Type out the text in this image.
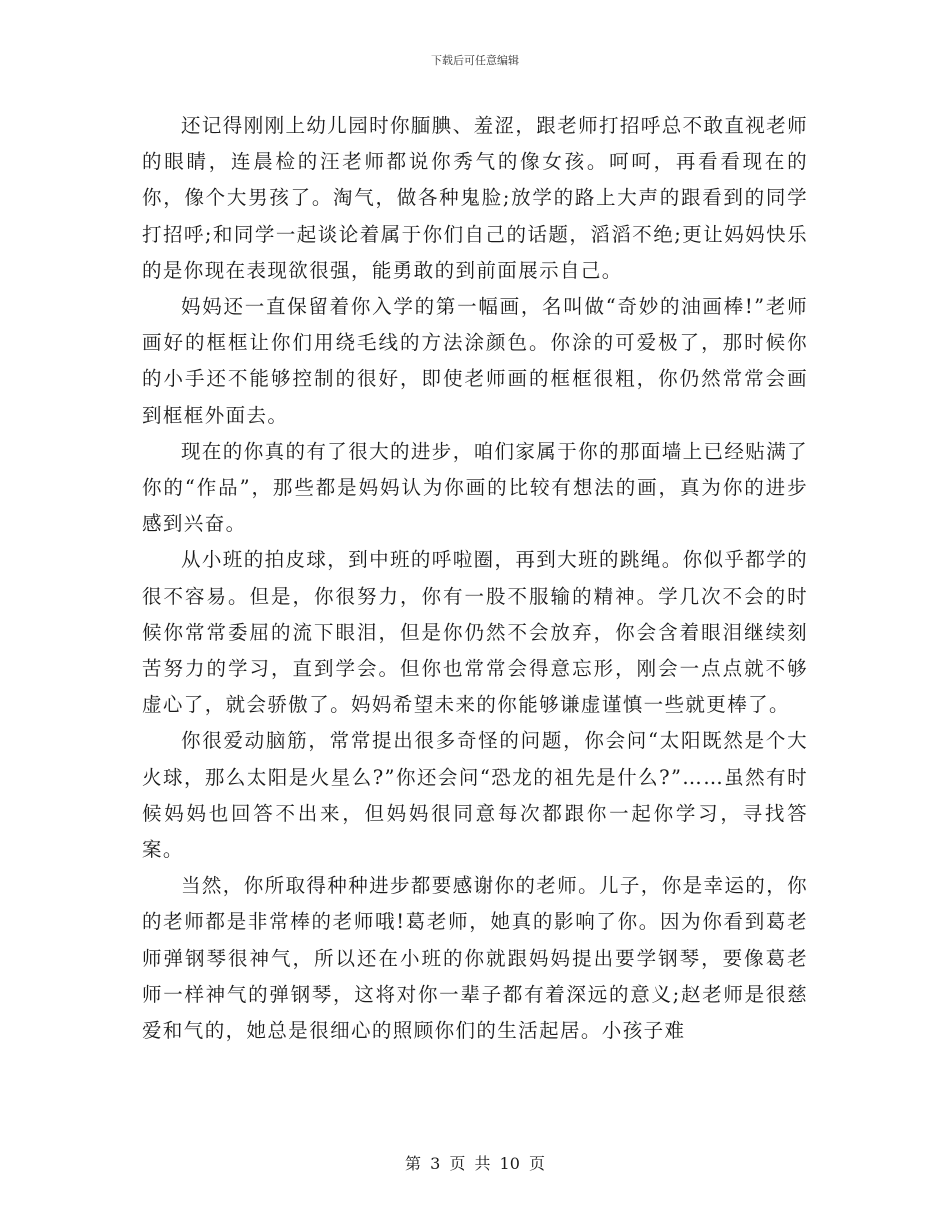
下载后可任意编辑

还记得刚刚上幼儿园时你腼腆、羞涩，跟老师打招呼总不敢直视老师的眼睛，连晨检的汪老师都说你秀气的像女孩。呵呵，再看看现在的你，像个大男孩了。淘气，做各种鬼脸;放学的路上大声的跟看到的同学打招呼;和同学一起谈论着属于你们自己的话题，滔滔不绝;更让妈妈快乐的是你现在表现欲很强，能勇敢的到前面展示自己。

妈妈还一直保留着你入学的第一幅画，名叫做“奇妙的油画棒!”老师画好的框框让你们用绕毛线的方法涂颜色。你涂的可爱极了，那时候你的小手还不能够控制的很好，即使老师画的框框很粗，你仍然常常会画到框框外面去。

现在的你真的有了很大的进步，咱们家属于你的那面墙上已经贴满了你的“作品”，那些都是妈妈认为你画的比较有想法的画，真为你的进步感到兴奋。

从小班的拍皮球，到中班的呼啦圈，再到大班的跳绳。你似乎都学的很不容易。但是，你很努力，你有一股不服输的精神。学几次不会的时候你常常委屈的流下眼泪，但是你仍然不会放弃，你会含着眼泪继续刻苦努力的学习，直到学会。但你也常常会得意忘形，刚会一点点就不够虚心了，就会骄傲了。妈妈希望未来的你能够谦虚谨慎一些就更棒了。

你很爱动脑筋，常常提出很多奇怪的问题，你会问“太阳既然是个大火球，那么太阳是火星么?”你还会问“恐龙的祖先是什么?”……虽然有时候妈妈也回答不出来，但妈妈很同意每次都跟你一起你学习，寻找答案。

当然，你所取得种种进步都要感谢你的老师。儿子，你是幸运的，你的老师都是非常棒的老师哦!葛老师，她真的影响了你。因为你看到葛老师弹钢琴很神气，所以还在小班的你就跟妈妈提出要学钢琴，要像葛老师一样神气的弹钢琴，这将对你一辈子都有着深远的意义;赵老师是很慈爱和气的，她总是很细心的照顾你们的生活起居。小孩子难

第 3 页 共 10 页
